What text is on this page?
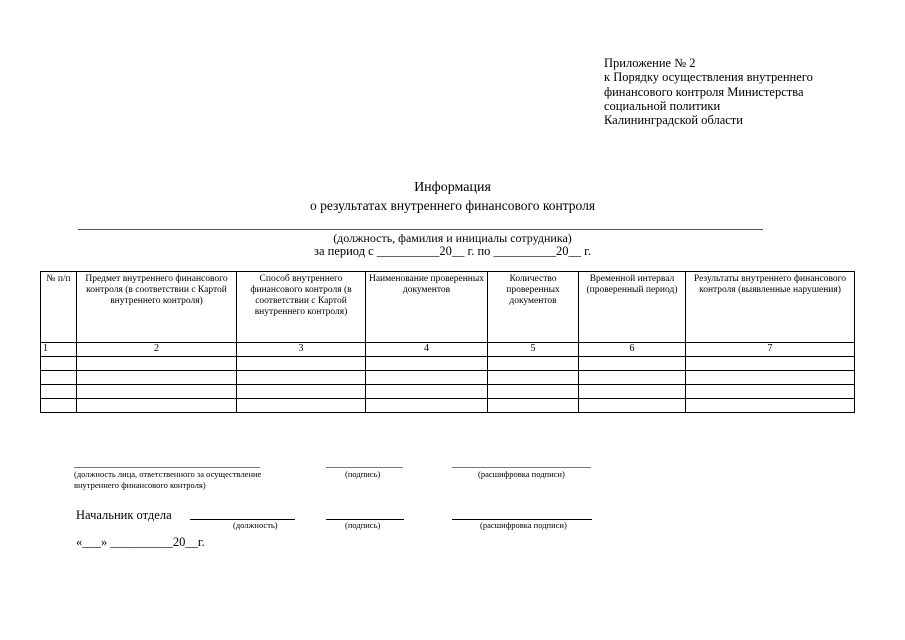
Приложение № 2
к Порядку осуществления внутреннего
финансового контроля Министерства
социальной политики
Калининградской области
Информация
о результатах внутреннего финансового контроля
(должность, фамилия и инициалы сотрудника)
за период с __________20__ г. по __________20__ г.
№ п/п	Предмет внутреннего финансового контроля (в соответствии с Картой внутреннего контроля)	Способ внутреннего финансового контроля (в соответствии с Картой внутреннего контроля)	Наименование проверенных документов	Количество проверенных документов	Временной интервал (проверенный период)	Результаты внутреннего финансового контроля (выявленные нарушения)
1	2	3	4	5	6	7

(должность лица, ответственного за осуществление
внутреннего финансового контроля)
(подпись)	(расшифровка подписи)
Начальник отдела
(должность)	(подпись)	(расшифровка подписи)
«___» __________20__г.
